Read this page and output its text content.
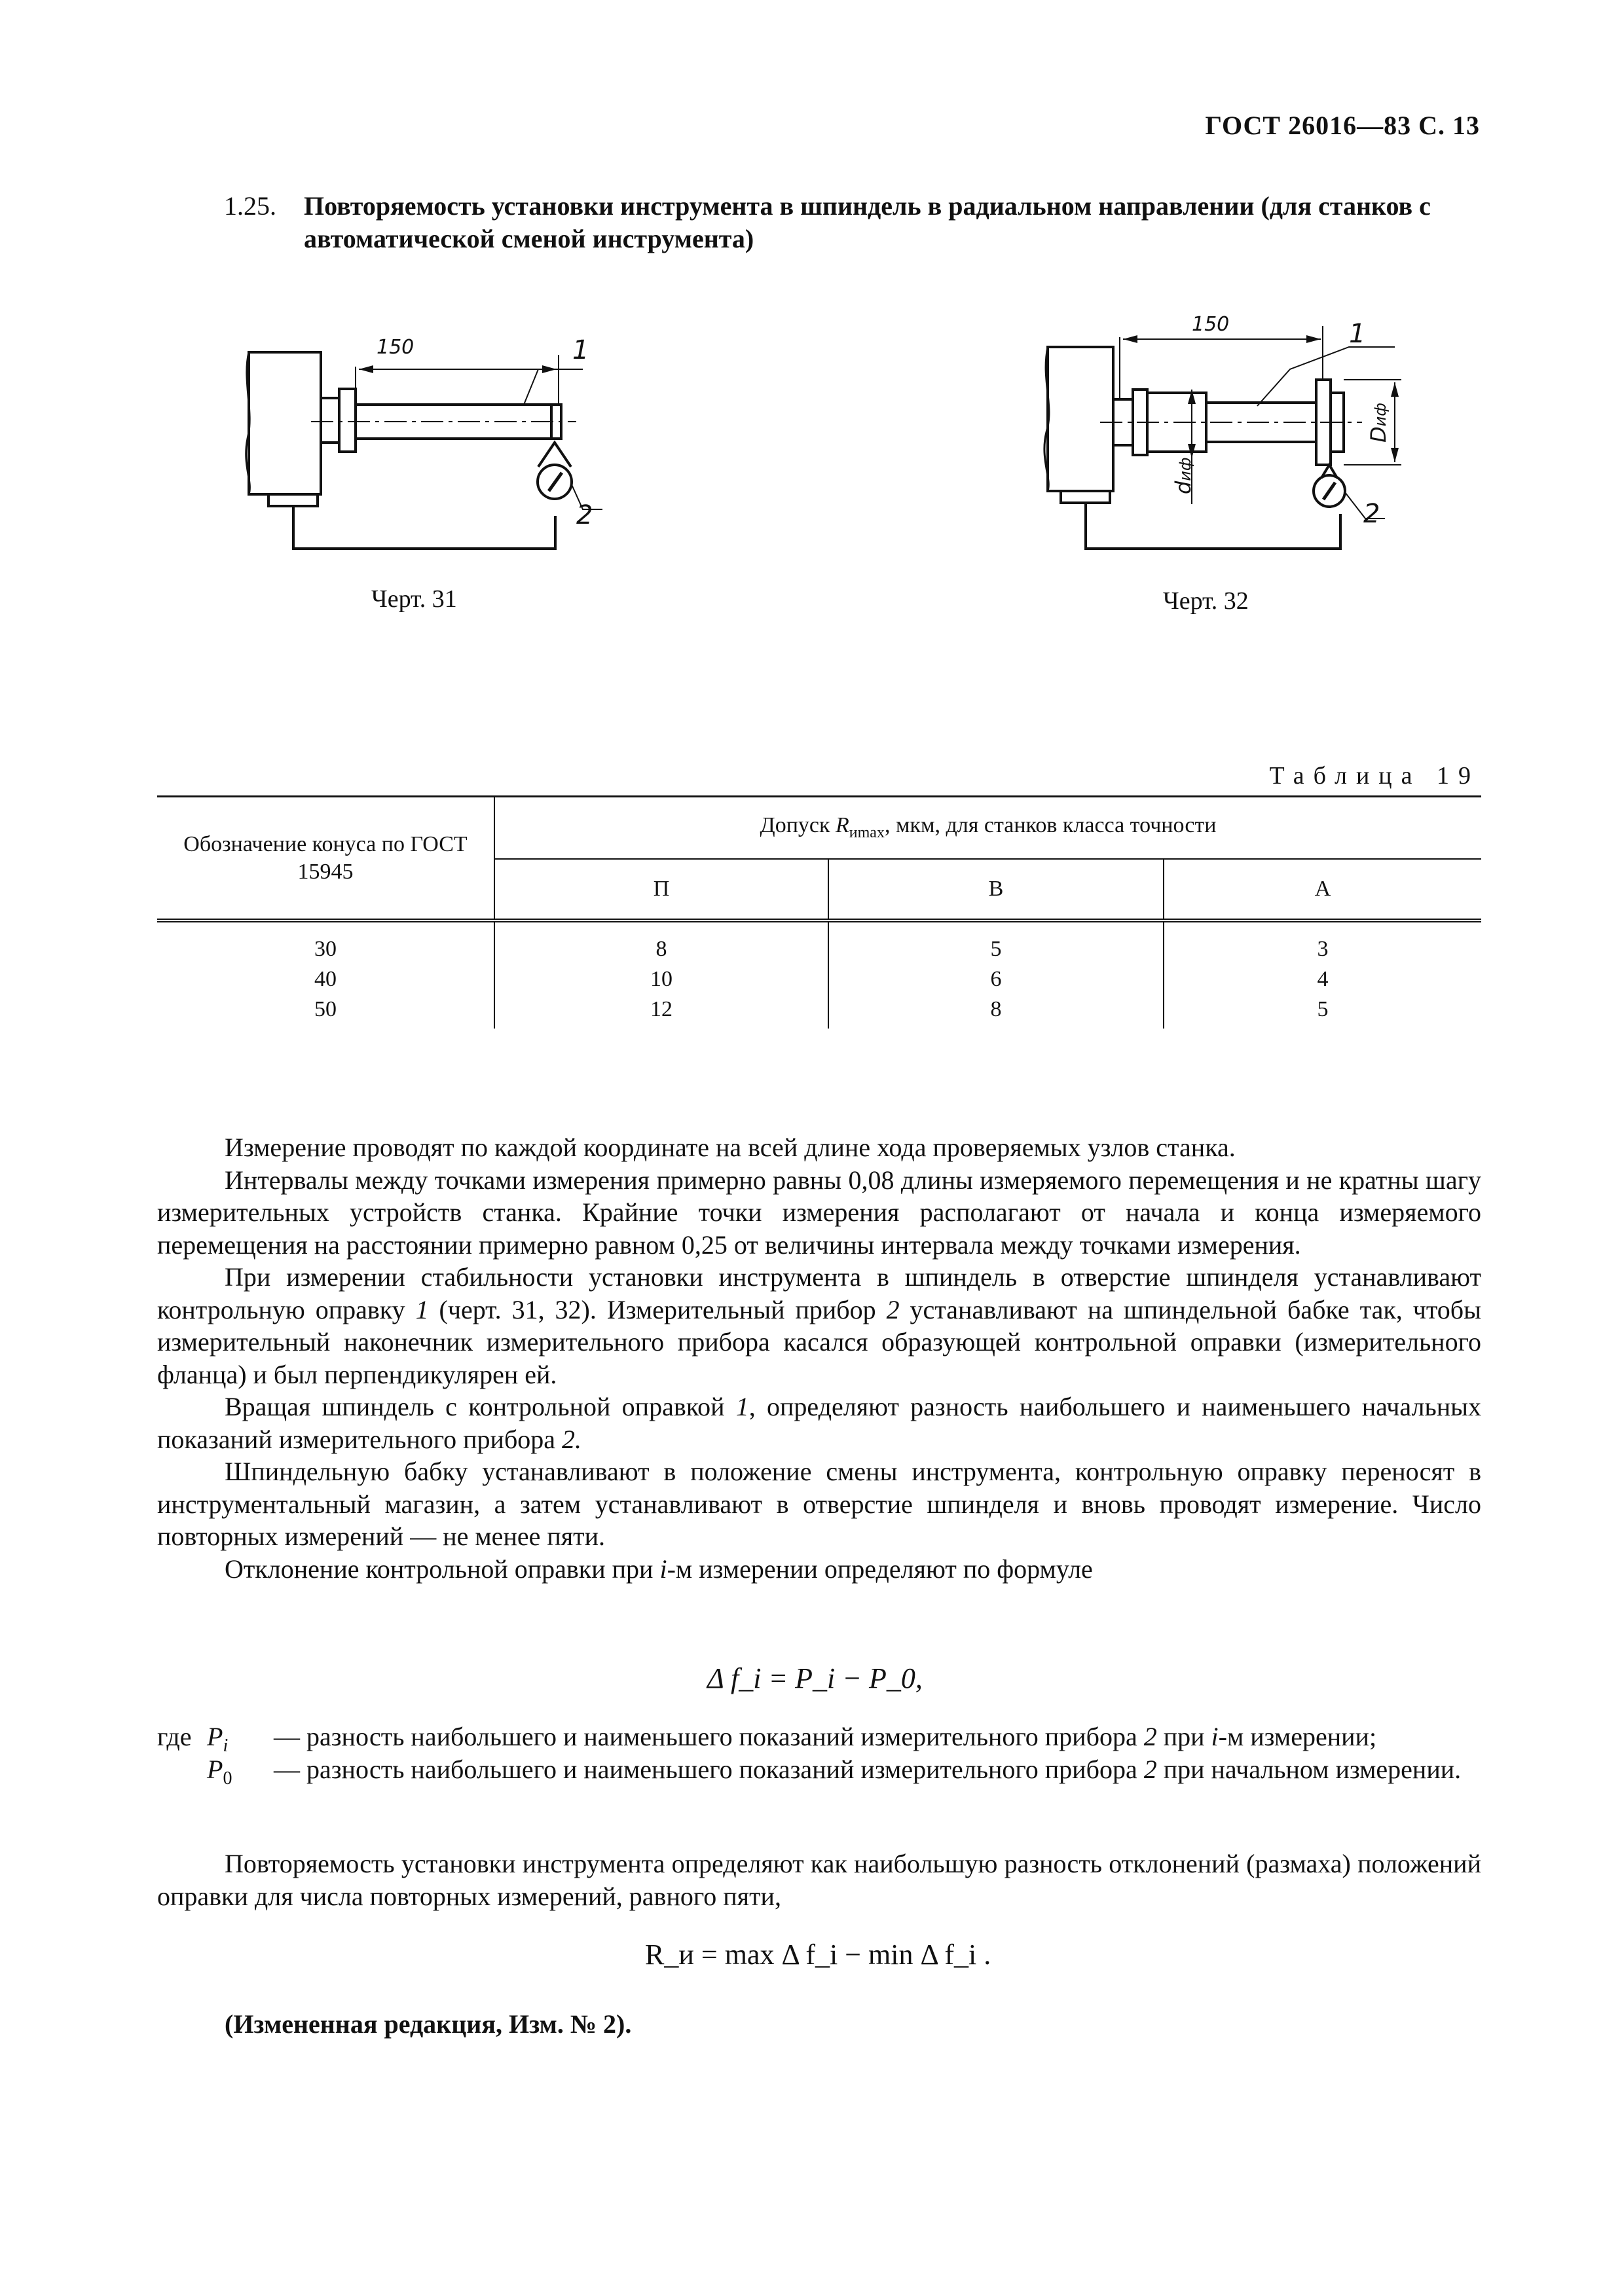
ГОСТ 26016—83 С. 13
1.25. Повторяемость установки инструмента в шпиндель в радиальном направлении (для станков с автоматической сменой инструмента)
150	1
2
Черт. 31
150	1
2
dиф
Dиф
Черт. 32
Таблица 19
Обозначение конуса по ГОСТ 15945	Допуск $R_{иmax}$, мкм, для станков класса точности		
	П	В	А
30	8	5	3
40	10	6	4
50	12	8	5

Измерение проводят по каждой координате на всей длине хода проверяемых узлов станка.

Интервалы между точками измерения примерно равны 0,08 длины измеряемого перемещения и не кратны шагу измерительных устройств станка. Крайние точки измерения располагают от начала и конца измеряемого перемещения на расстоянии примерно равном 0,25 от величины интервала между точками измерения.

При измерении стабильности установки инструмента в шпиндель в отверстие шпинделя устанавливают контрольную оправку 1 (черт. 31, 32). Измерительный прибор 2 устанавливают на шпиндельной бабке так, чтобы измерительный наконечник измерительного прибора касался образующей контрольной оправки (измерительного фланца) и был перпендикулярен ей.

Вращая шпиндель с контрольной оправкой 1, определяют разность наибольшего и наименьшего начальных показаний измерительного прибора 2.

Шпиндельную бабку устанавливают в положение смены инструмента, контрольную оправку переносят в инструментальный магазин, а затем устанавливают в отверстие шпинделя и вновь проводят измерение. Число повторных измерений — не менее пяти.

Отклонение контрольной оправки при i-м измерении определяют по формуле

Δ f_i = P_i − P_0,
где $P_i$ — разность наибольшего и наименьшего показаний измерительного прибора 2 при i-м измерении;
$P_0$ — разность наибольшего и наименьшего показаний измерительного прибора 2 при начальном измерении.

Повторяемость установки инструмента определяют как наибольшую разность отклонений (размаха) положений оправки для числа повторных измерений, равного пяти,

R_и = max Δ f_i − min Δ f_i .
(Измененная редакция, Изм. № 2).
